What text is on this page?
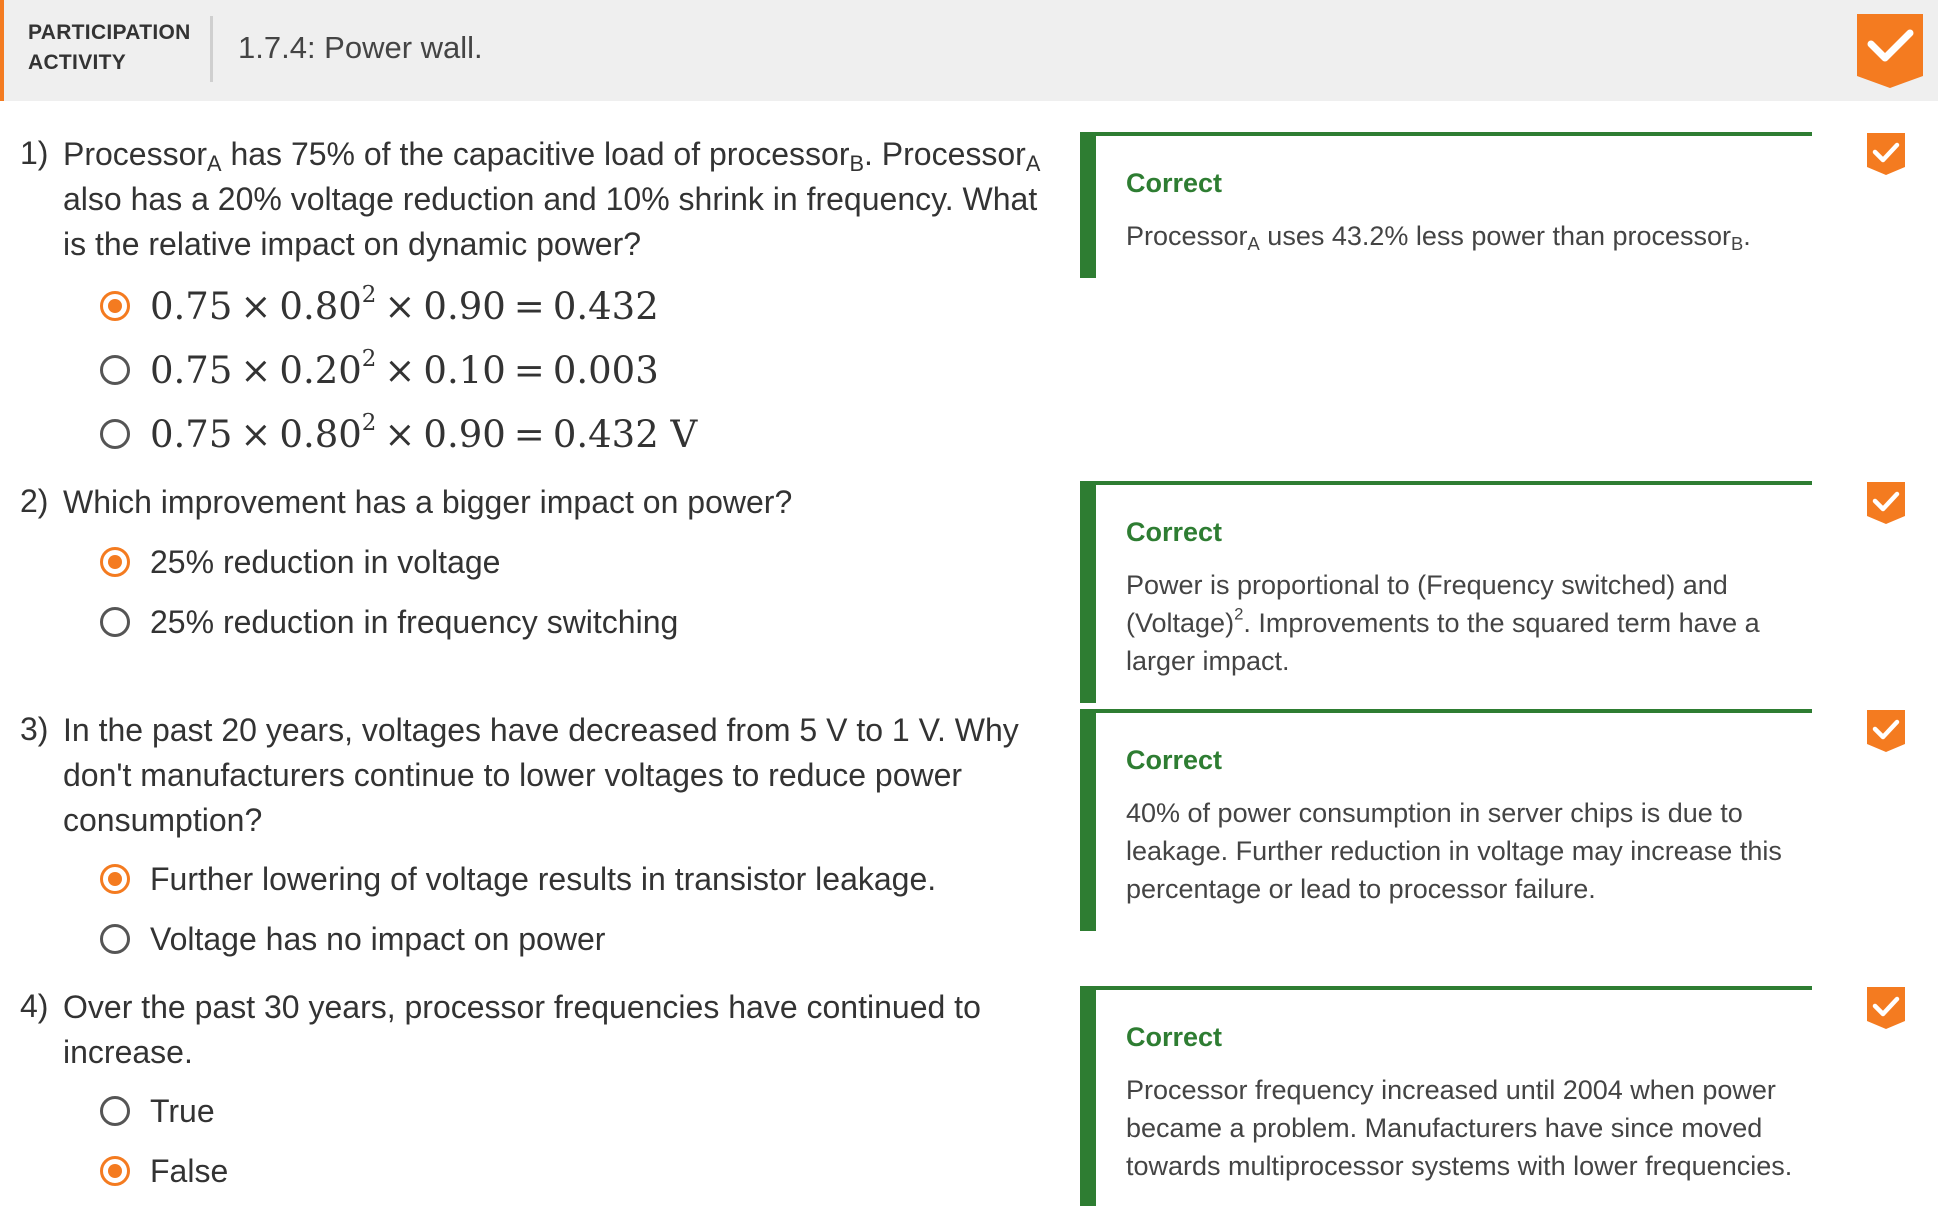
PARTICIPATION
ACTIVITY	1.7.4: Power wall.
1) Processor$_A$ has 75% of the capacitive load of processor$_B$. Processor$_A$
also has a 20% voltage reduction and 10% shrink in frequency. What
is the relative impact on dynamic power?
$0.75 \times 0.80^2 \times 0.90 = 0.432$
$0.75 \times 0.20^2 \times 0.10 = 0.003$
$0.75 \times 0.80^2 \times 0.90 = 0.432$ V
Correct
Processor$_A$ uses 43.2% less power than processor$_B$.
2) Which improvement has a bigger impact on power?
25% reduction in voltage
25% reduction in frequency switching
Correct
Power is proportional to (Frequency switched) and
(Voltage)$^2$. Improvements to the squared term have a
larger impact.
3) In the past 20 years, voltages have decreased from 5 V to 1 V. Why
don't manufacturers continue to lower voltages to reduce power
consumption?
Further lowering of voltage results in transistor leakage.
Voltage has no impact on power
Correct
40% of power consumption in server chips is due to
leakage. Further reduction in voltage may increase this
percentage or lead to processor failure.
4) Over the past 30 years, processor frequencies have continued to
increase.
True
False
Correct
Processor frequency increased until 2004 when power
became a problem. Manufacturers have since moved
towards multiprocessor systems with lower frequencies.
